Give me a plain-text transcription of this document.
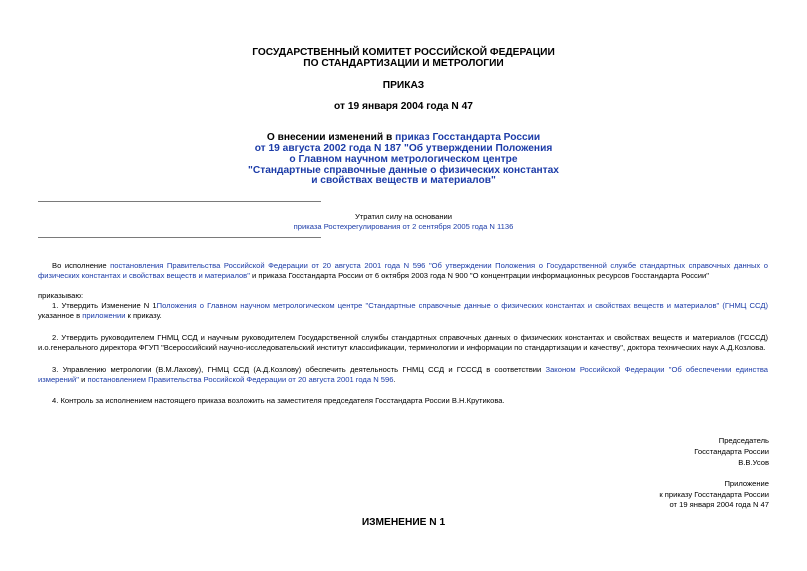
ГОСУДАРСТВЕННЫЙ КОМИТЕТ РОССИЙСКОЙ ФЕДЕРАЦИИ
ПО СТАНДАРТИЗАЦИИ И МЕТРОЛОГИИ
ПРИКАЗ
от 19 января 2004 года N 47
О внесении изменений в приказ Госстандарта России
от 19 августа 2002 года N 187 "Об утверждении Положения
о Главном научном метрологическом центре
"Стандартные справочные данные о физических константах
и свойствах веществ и материалов"
Утратил силу на основании
приказа Ростехрегулирования от 2 сентября 2005 года N 1136
Во исполнение постановления Правительства Российской Федерации от 20 августа 2001 года N 596 "Об утверждении Положения о Государственной службе стандартных справочных данных о физических константах и свойствах веществ и материалов" и приказа Госстандарта России от 6 октября 2003 года N 900 "О концентрации информационных ресурсов Госстандарта России"
приказываю:
1. Утвердить Изменение N 1Положения о Главном научном метрологическом центре "Стандартные справочные данные о физических константах и свойствах веществ и материалов" (ГНМЦ ССД) указанное в приложении к приказу.
2. Утвердить руководителем ГНМЦ ССД и научным руководителем Государственной службы стандартных справочных данных о физических константах и свойствах веществ и материалов (ГСССД) и.о.генерального директора ФГУП "Всероссийский научно-исследовательский институт классификации, терминологии и информации по стандартизации и качеству", доктора технических наук А.Д.Козлова.
3. Управлению метрологии (В.М.Лахову), ГНМЦ ССД (А.Д.Козлову) обеспечить деятельность ГНМЦ ССД и ГСССД в соответствии Законом Российской Федерации "Об обеспечении единства измерений" и постановлением Правительства Российской Федерации от 20 августа 2001 года N 596.
4. Контроль за исполнением настоящего приказа возложить на заместителя председателя Госстандарта России В.Н.Крутикова.
Председатель
Госстандарта России
В.В.Усов
Приложение
к приказу Госстандарта России
от 19 января 2004 года N 47
ИЗМЕНЕНИЕ N 1
